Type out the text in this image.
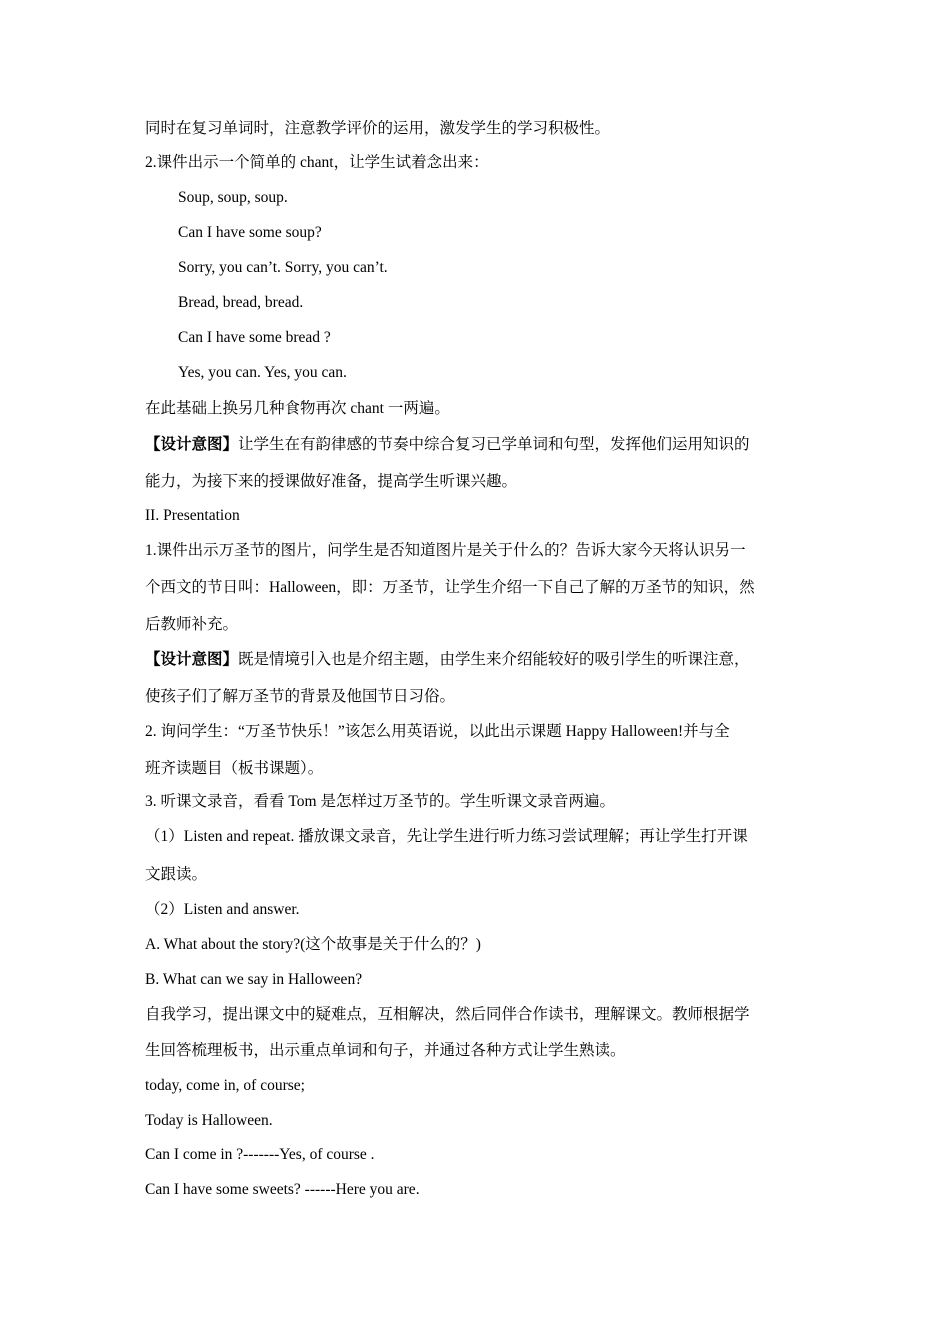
同时在复习单词时，注意教学评价的运用，激发学生的学习积极性。
2.课件出示一个简单的 chant，让学生试着念出来：
Soup, soup, soup.
Can I have some soup?
Sorry, you can’t. Sorry, you can’t.
Bread, bread, bread.
Can I have some bread ?
Yes, you can. Yes, you can.
在此基础上换另几种食物再次 chant 一两遍。
【设计意图】让学生在有韵律感的节奏中综合复习已学单词和句型，发挥他们运用知识的
能力，为接下来的授课做好准备，提高学生听课兴趣。
II. Presentation
1.课件出示万圣节的图片，问学生是否知道图片是关于什么的？告诉大家今天将认识另一
个西文的节日叫：Halloween，即：万圣节，让学生介绍一下自己了解的万圣节的知识，然
后教师补充。
【设计意图】既是情境引入也是介绍主题，由学生来介绍能较好的吸引学生的听课注意，
使孩子们了解万圣节的背景及他国节日习俗。
2. 询问学生：“万圣节快乐！”该怎么用英语说，以此出示课题 Happy Halloween!并与全
班齐读题目（板书课题）。
3. 听课文录音，看看 Tom 是怎样过万圣节的。学生听课文录音两遍。
（1）Listen and repeat. 播放课文录音，先让学生进行听力练习尝试理解；再让学生打开课
文跟读。
（2）Listen and answer.
A. What about the story?(这个故事是关于什么的？)
B. What can we say in Halloween?
自我学习，提出课文中的疑难点，互相解决，然后同伴合作读书，理解课文。教师根据学
生回答梳理板书，出示重点单词和句子，并通过各种方式让学生熟读。
today, come in, of course;
Today is Halloween.
Can I come in ?-------Yes, of course .
Can I have some sweets? ------Here you are.
